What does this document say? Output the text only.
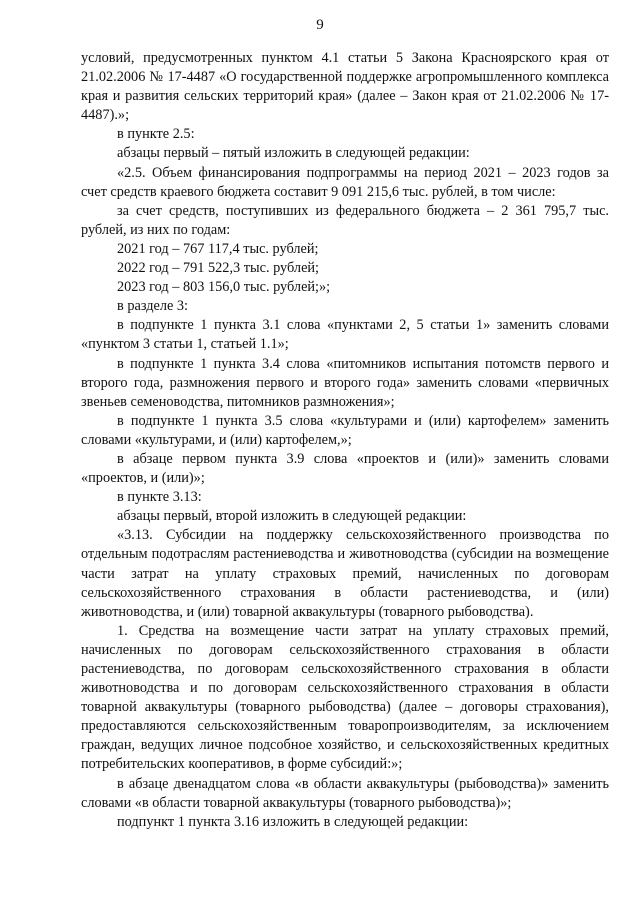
9

условий, предусмотренных пунктом 4.1 статьи 5 Закона Красноярского края от 21.02.2006 № 17-4487 «О государственной поддержке агропромышленного комплекса края и развития сельских территорий края» (далее – Закон края от 21.02.2006 № 17-4487).»;

в пункте 2.5:

абзацы первый – пятый изложить в следующей редакции:

«2.5. Объем финансирования подпрограммы на период 2021 – 2023 годов за счет средств краевого бюджета составит 9 091 215,6 тыс. рублей, в том числе:

за счет средств, поступивших из федерального бюджета – 2 361 795,7 тыс. рублей, из них по годам:

2021 год – 767 117,4 тыс. рублей;

2022 год – 791 522,3 тыс. рублей;

2023 год – 803 156,0 тыс. рублей;»;

в разделе 3:

в подпункте 1 пункта 3.1 слова «пунктами 2, 5 статьи 1» заменить словами «пунктом 3 статьи 1, статьей 1.1»;

в подпункте 1 пункта 3.4 слова «питомников испытания потомств первого и второго года, размножения первого и второго года» заменить словами «первичных звеньев семеноводства, питомников размножения»;

в подпункте 1 пункта 3.5 слова «культурами и (или) картофелем» заменить словами «культурами, и (или) картофелем,»;

в абзаце первом пункта 3.9 слова «проектов и (или)» заменить словами «проектов, и (или)»;

в пункте 3.13:

абзацы первый, второй изложить в следующей редакции:

«3.13. Субсидии на поддержку сельскохозяйственного производства по отдельным подотраслям растениеводства и животноводства (субсидии на возмещение части затрат на уплату страховых премий, начисленных по договорам сельскохозяйственного страхования в области растениеводства, и (или) животноводства, и (или) товарной аквакультуры (товарного рыбоводства).

1. Средства на возмещение части затрат на уплату страховых премий, начисленных по договорам сельскохозяйственного страхования в области растениеводства, по договорам сельскохозяйственного страхования в области животноводства и по договорам сельскохозяйственного страхования в области товарной аквакультуры (товарного рыбоводства) (далее – договоры страхования), предоставляются сельскохозяйственным товаропроизводителям, за исключением граждан, ведущих личное подсобное хозяйство, и сельскохозяйственных кредитных потребительских кооперативов, в форме субсидий:»;

в абзаце двенадцатом слова «в области аквакультуры (рыбоводства)» заменить словами «в области товарной аквакультуры (товарного рыбоводства)»;

подпункт 1 пункта 3.16 изложить в следующей редакции:
